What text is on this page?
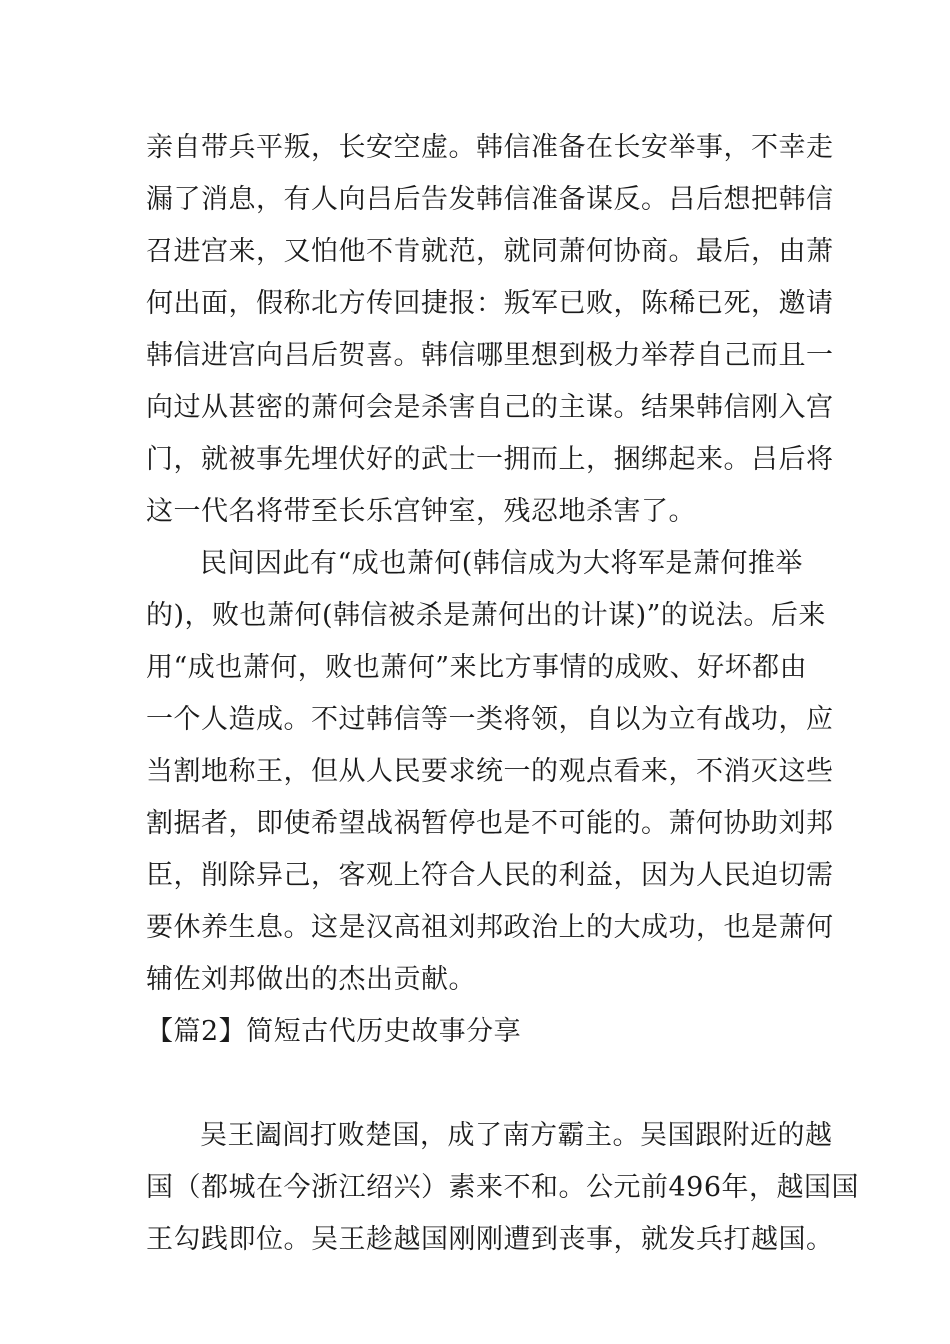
亲自带兵平叛，长安空虚。韩信准备在长安举事，不幸走
漏了消息，有人向吕后告发韩信准备谋反。吕后想把韩信
召进宫来，又怕他不肯就范，就同萧何协商。最后，由萧
何出面，假称北方传回捷报：叛军已败，陈稀已死，邀请
韩信进宫向吕后贺喜。韩信哪里想到极力举荐自己而且一
向过从甚密的萧何会是杀害自己的主谋。结果韩信刚入宫
门，就被事先埋伏好的武士一拥而上，捆绑起来。吕后将
这一代名将带至长乐宫钟室，残忍地杀害了。
民间因此有“成也萧何(韩信成为大将军是萧何推举
的)，败也萧何(韩信被杀是萧何出的计谋)”的说法。后来
用“成也萧何，败也萧何”来比方事情的成败、好坏都由
一个人造成。不过韩信等一类将领，自以为立有战功，应
当割地称王，但从人民要求统一的观点看来，不消灭这些
割据者，即使希望战祸暂停也是不可能的。萧何协助刘邦
臣，削除异己，客观上符合人民的利益，因为人民迫切需
要休养生息。这是汉高祖刘邦政治上的大成功，也是萧何
辅佐刘邦做出的杰出贡献。
【篇2】简短古代历史故事分享
吴王阖闾打败楚国，成了南方霸主。吴国跟附近的越
国（都城在今浙江绍兴）素来不和。公元前496年，越国国
王勾践即位。吴王趁越国刚刚遭到丧事，就发兵打越国。
